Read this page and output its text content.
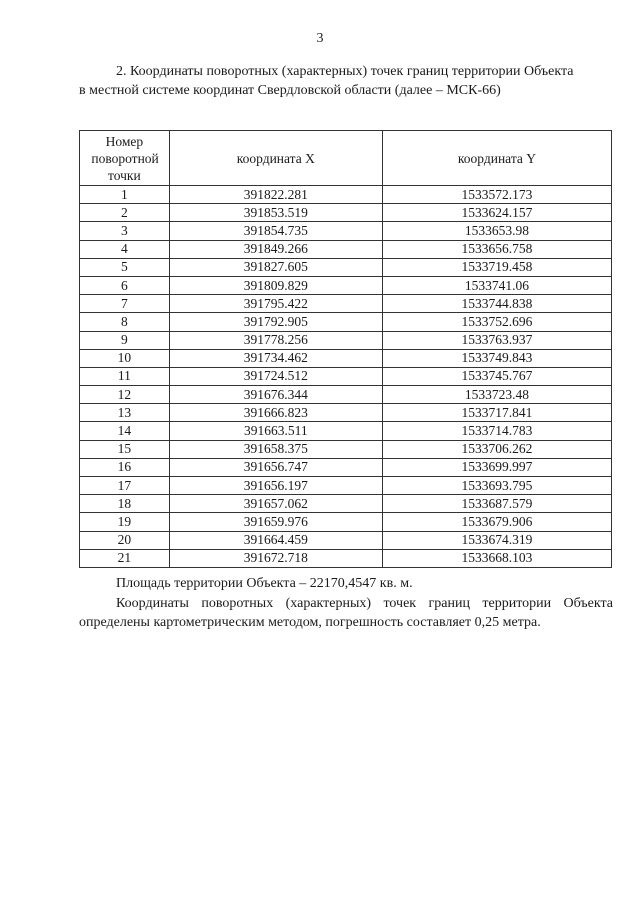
3
2. Координаты поворотных (характерных) точек границ территории Объекта
в местной системе координат Свердловской области (далее – МСК-66)
Номер поворотной точки	координата X	координата Y

1	391822.281	1533572.173
2	391853.519	1533624.157
3	391854.735	1533653.98
4	391849.266	1533656.758
5	391827.605	1533719.458
6	391809.829	1533741.06
7	391795.422	1533744.838
8	391792.905	1533752.696
9	391778.256	1533763.937
10	391734.462	1533749.843
11	391724.512	1533745.767
12	391676.344	1533723.48
13	391666.823	1533717.841
14	391663.511	1533714.783
15	391658.375	1533706.262
16	391656.747	1533699.997
17	391656.197	1533693.795
18	391657.062	1533687.579
19	391659.976	1533679.906
20	391664.459	1533674.319
21	391672.718	1533668.103

Площадь территории Объекта – 22170,4547 кв. м.

Координаты поворотных (характерных) точек границ территории Объекта определены картометрическим методом, погрешность составляет 0,25 метра.
